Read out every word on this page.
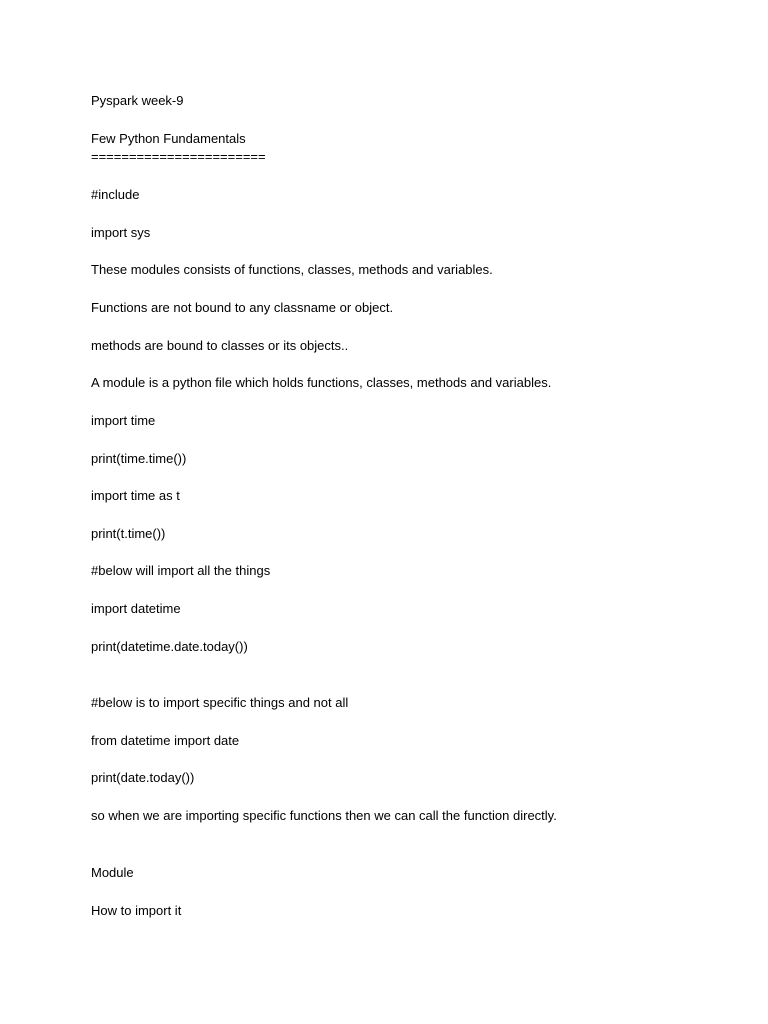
Pyspark week-9
Few Python Fundamentals
=======================
#include
import sys
These modules consists of functions, classes, methods and variables.
Functions are not bound to any classname or object.
methods are bound to classes or its objects..
A module is a python file which holds functions, classes, methods and variables.
import time
print(time.time())
import time as t
print(t.time())
#below will import all the things
import datetime
print(datetime.date.today())
#below is to import specific things and not all
from datetime import date
print(date.today())
so when we are importing specific functions then we can call the function directly.
Module
How to import it
